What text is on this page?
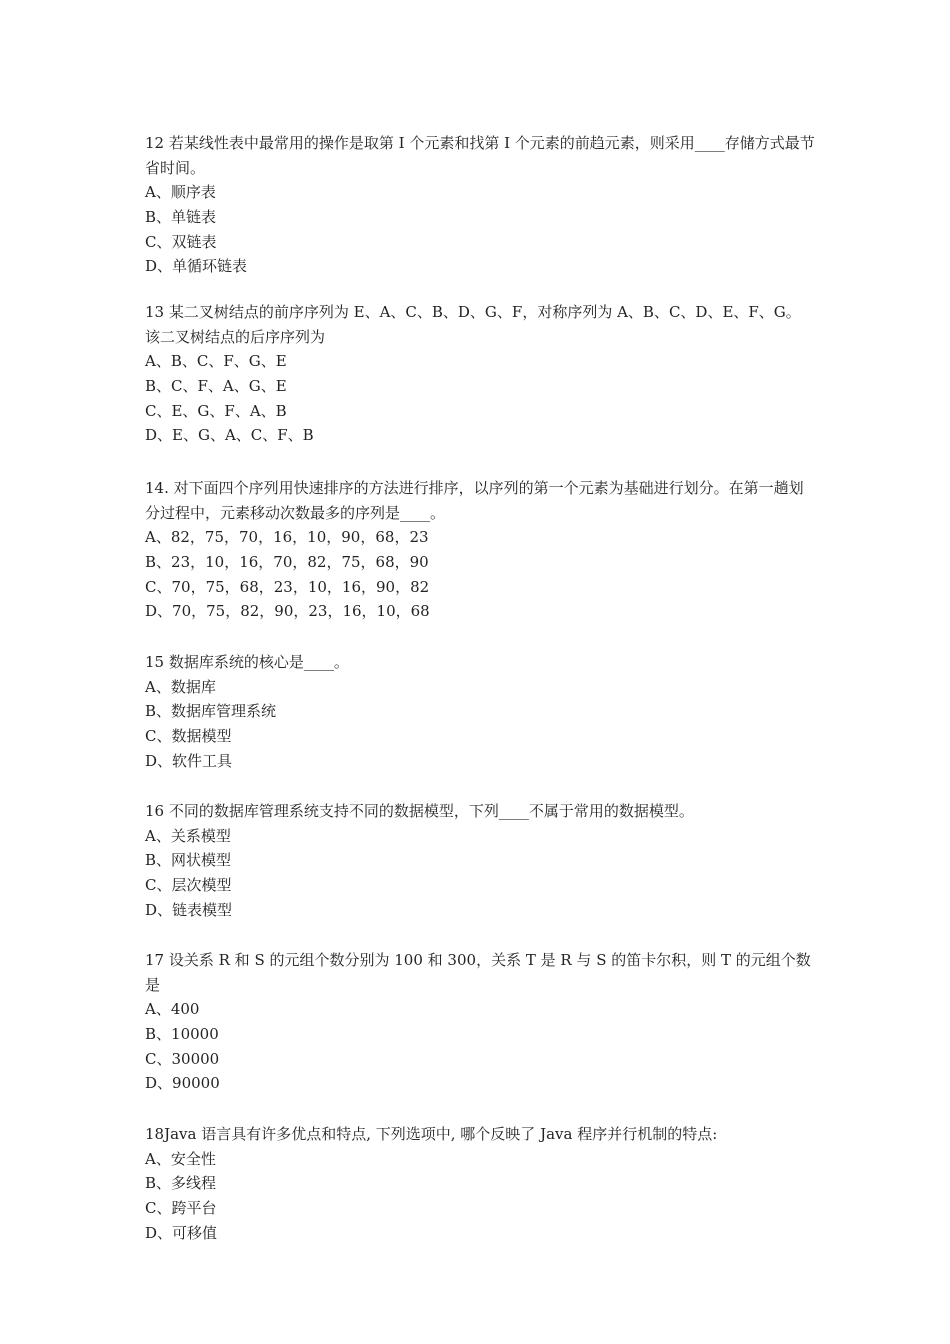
12 若某线性表中最常用的操作是取第 I 个元素和找第 I 个元素的前趋元素，则采用____存储方式最节省时间。

A、顺序表

B、单链表

C、双链表

D、单循环链表

13 某二叉树结点的前序序列为 E、A、C、B、D、G、F，对称序列为 A、B、C、D、E、F、G。该二叉树结点的后序序列为

A、B、C、F、G、E

B、C、F、A、G、E

C、E、G、F、A、B

D、E、G、A、C、F、B

14. 对下面四个序列用快速排序的方法进行排序，以序列的第一个元素为基础进行划分。在第一趟划分过程中，元素移动次数最多的序列是____。

A、82，75，70，16，10，90，68，23

B、23，10，16，70，82，75，68，90

C、70，75，68，23，10，16，90，82

D、70，75，82，90，23，16，10，68

15 数据库系统的核心是____。

A、数据库

B、数据库管理系统

C、数据模型

D、软件工具

16 不同的数据库管理系统支持不同的数据模型，下列____不属于常用的数据模型。

A、关系模型

B、网状模型

C、层次模型

D、链表模型

17 设关系 R 和 S 的元组个数分别为 100 和 300，关系 T 是 R 与 S 的笛卡尔积，则 T 的元组个数是

A、400

B、10000

C、30000

D、90000

18Java 语言具有许多优点和特点, 下列选项中, 哪个反映了 Java 程序并行机制的特点:

A、安全性

B、多线程

C、跨平台

D、可移值
